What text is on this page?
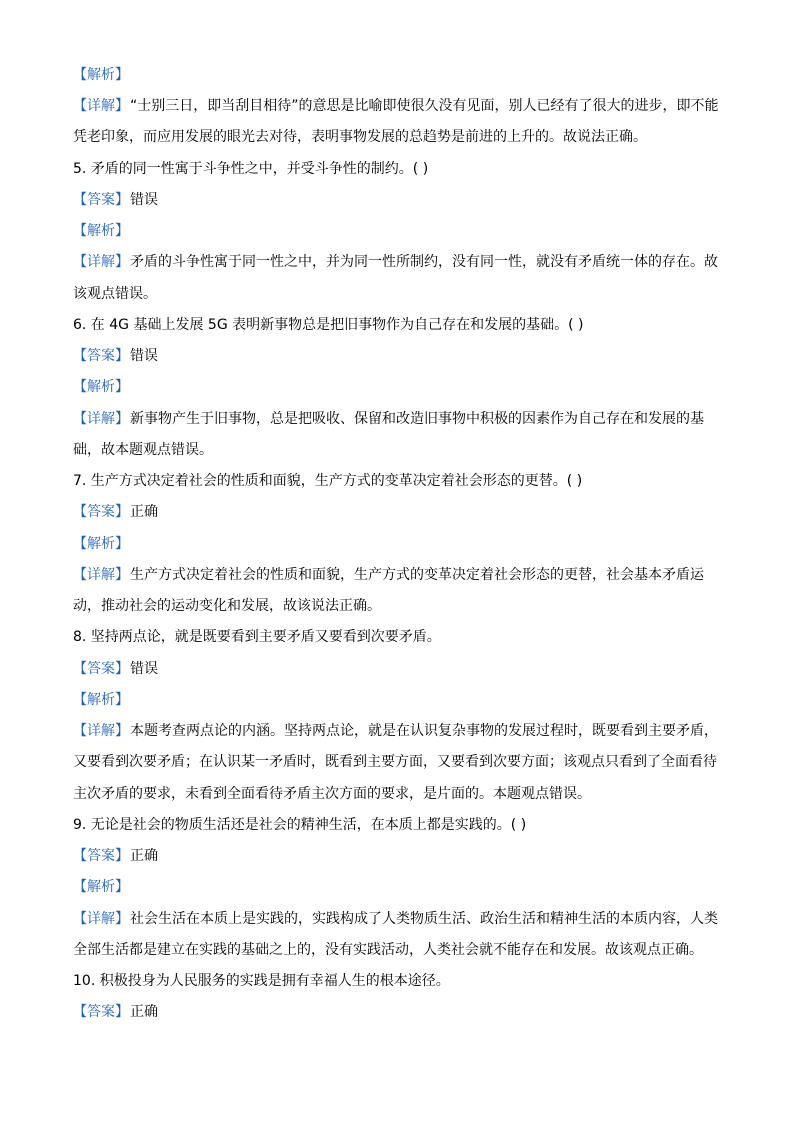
【解析】
【详解】“士别三日，即当刮目相待”的意思是比喻即使很久没有见面，别人已经有了很大的进步，即不能
凭老印象，而应用发展的眼光去对待，表明事物发展的总趋势是前进的上升的。故说法正确。
5. 矛盾的同一性寓于斗争性之中，并受斗争性的制约。( )
【答案】错误
【解析】
【详解】矛盾的斗争性寓于同一性之中，并为同一性所制约，没有同一性，就没有矛盾统一体的存在。故
该观点错误。
6. 在 4G 基础上发展 5G 表明新事物总是把旧事物作为自己存在和发展的基础。( )
【答案】错误
【解析】
【详解】新事物产生于旧事物，总是把吸收、保留和改造旧事物中积极的因素作为自己存在和发展的基
础，故本题观点错误。
7. 生产方式决定着社会的性质和面貌，生产方式的变革决定着社会形态的更替。( )
【答案】正确
【解析】
【详解】生产方式决定着社会的性质和面貌，生产方式的变革决定着社会形态的更替，社会基本矛盾运
动，推动社会的运动变化和发展，故该说法正确。
8. 坚持两点论，就是既要看到主要矛盾又要看到次要矛盾。
【答案】错误
【解析】
【详解】本题考查两点论的内涵。坚持两点论，就是在认识复杂事物的发展过程时，既要看到主要矛盾，
又要看到次要矛盾；在认识某一矛盾时，既看到主要方面，又要看到次要方面；该观点只看到了全面看待
主次矛盾的要求，未看到全面看待矛盾主次方面的要求，是片面的。本题观点错误。
9. 无论是社会的物质生活还是社会的精神生活，在本质上都是实践的。( )
【答案】正确
【解析】
【详解】社会生活在本质上是实践的，实践构成了人类物质生活、政治生活和精神生活的本质内容，人类
全部生活都是建立在实践的基础之上的，没有实践活动，人类社会就不能存在和发展。故该观点正确。
10. 积极投身为人民服务的实践是拥有幸福人生的根本途径。
【答案】正确
